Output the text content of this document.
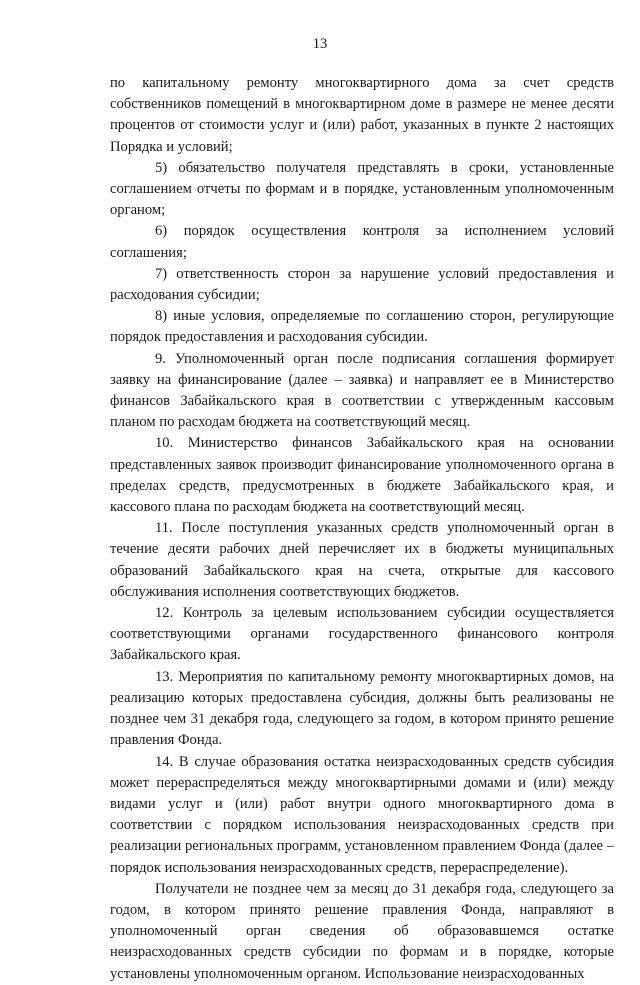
13

по капитальному ремонту многоквартирного дома за счет средств собственников помещений в многоквартирном доме в размере не менее десяти процентов от стоимости услуг и (или) работ, указанных в пункте 2 настоящих Порядка и условий;

5) обязательство получателя представлять в сроки, установленные соглашением отчеты по формам и в порядке, установленным уполномоченным органом;

6) порядок осуществления контроля за исполнением условий соглашения;

7) ответственность сторон за нарушение условий предоставления и расходования субсидии;

8) иные условия, определяемые по соглашению сторон, регулирующие порядок предоставления и расходования субсидии.

9. Уполномоченный орган после подписания соглашения формирует заявку на финансирование (далее – заявка) и направляет ее в Министерство финансов Забайкальского края в соответствии с утвержденным кассовым планом по расходам бюджета на соответствующий месяц.

10. Министерство финансов Забайкальского края на основании представленных заявок производит финансирование уполномоченного органа в пределах средств, предусмотренных в бюджете Забайкальского края, и кассового плана по расходам бюджета на соответствующий месяц.

11. После поступления указанных средств уполномоченный орган в течение десяти рабочих дней перечисляет их в бюджеты муниципальных образований Забайкальского края на счета, открытые для кассового обслуживания исполнения соответствующих бюджетов.

12. Контроль за целевым использованием субсидии осуществляется соответствующими органами государственного финансового контроля Забайкальского края.

13. Мероприятия по капитальному ремонту многоквартирных домов, на реализацию которых предоставлена субсидия, должны быть реализованы не позднее чем 31 декабря года, следующего за годом, в котором принято решение правления Фонда.

14. В случае образования остатка неизрасходованных средств субсидия может перераспределяться между многоквартирными домами и (или) между видами услуг и (или) работ внутри одного многоквартирного дома в соответствии с порядком использования неизрасходованных средств при реализации региональных программ, установленном правлением Фонда (далее – порядок использования неизрасходованных средств, перераспределение).

Получатели не позднее чем за месяц до 31 декабря года, следующего за годом, в котором принято решение правления Фонда, направляют в уполномоченный орган сведения об образовавшемся остатке неизрасходованных средств субсидии по формам и в порядке, которые установлены уполномоченным органом. Использование неизрасходованных
